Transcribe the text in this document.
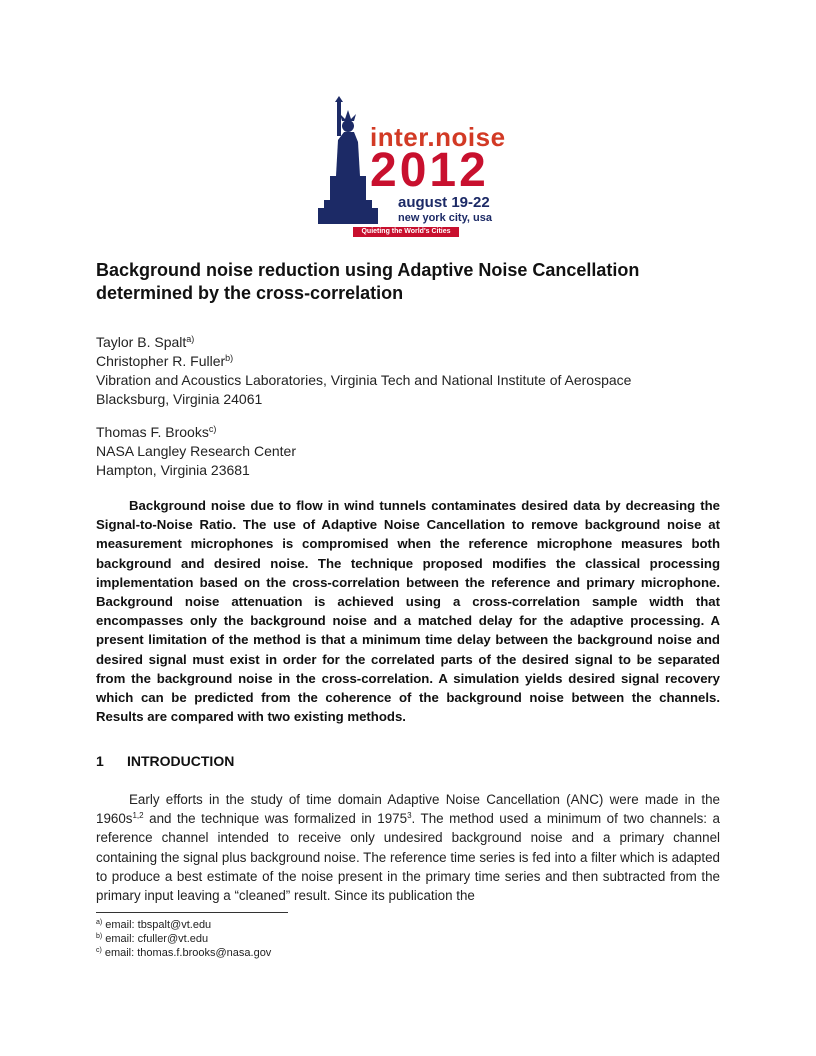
inter.noise
2012
august 19-22
new york city, usa
Quieting the World's Cities
Background noise reduction using Adaptive Noise Cancellation determined by the cross-correlation
Taylor B. Spalt$^{a)}$
Christopher R. Fuller$^{b)}$
Vibration and Acoustics Laboratories, Virginia Tech and National Institute of Aerospace
Blacksburg, Virginia 24061
Thomas F. Brooks$^{c)}$
NASA Langley Research Center
Hampton, Virginia 23681

Background noise due to flow in wind tunnels contaminates desired data by decreasing the Signal-to-Noise Ratio. The use of Adaptive Noise Cancellation to remove background noise at measurement microphones is compromised when the reference microphone measures both background and desired noise. The technique proposed modifies the classical processing implementation based on the cross-correlation between the reference and primary microphone. Background noise attenuation is achieved using a cross-correlation sample width that encompasses only the background noise and a matched delay for the adaptive processing. A present limitation of the method is that a minimum time delay between the background noise and desired signal must exist in order for the correlated parts of the desired signal to be separated from the background noise in the cross-correlation. A simulation yields desired signal recovery which can be predicted from the coherence of the background noise between the channels. Results are compared with two existing methods.

1 INTRODUCTION

Early efforts in the study of time domain Adaptive Noise Cancellation (ANC) were made in the $1960s^{1,2}$ and the technique was formalized in 1975$^3$. The method used a minimum of two channels: a reference channel intended to receive only undesired background noise and a primary channel containing the signal plus background noise. The reference time series is fed into a filter which is adapted to produce a best estimate of the noise present in the primary time series and then subtracted from the primary input leaving a “cleaned” result. Since its publication the

$^{a)}$ email: tbspalt@vt.edu
$^{b)}$ email: cfuller@vt.edu
$^{c)}$ email: thomas.f.brooks@nasa.gov
